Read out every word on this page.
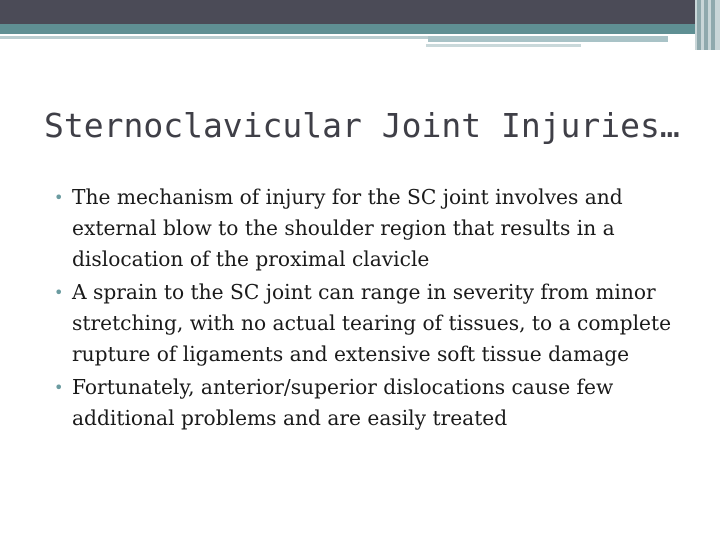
Sternoclavicular Joint Injuries…
• The mechanism of injury for the SC joint involves and external blow to the shoulder region that results in a dislocation of the proximal clavicle
• A sprain to the SC joint can range in severity from minor stretching, with no actual tearing of tissues, to a complete rupture of ligaments and extensive soft tissue damage
• Fortunately, anterior/superior dislocations cause few additional problems and are easily treated
